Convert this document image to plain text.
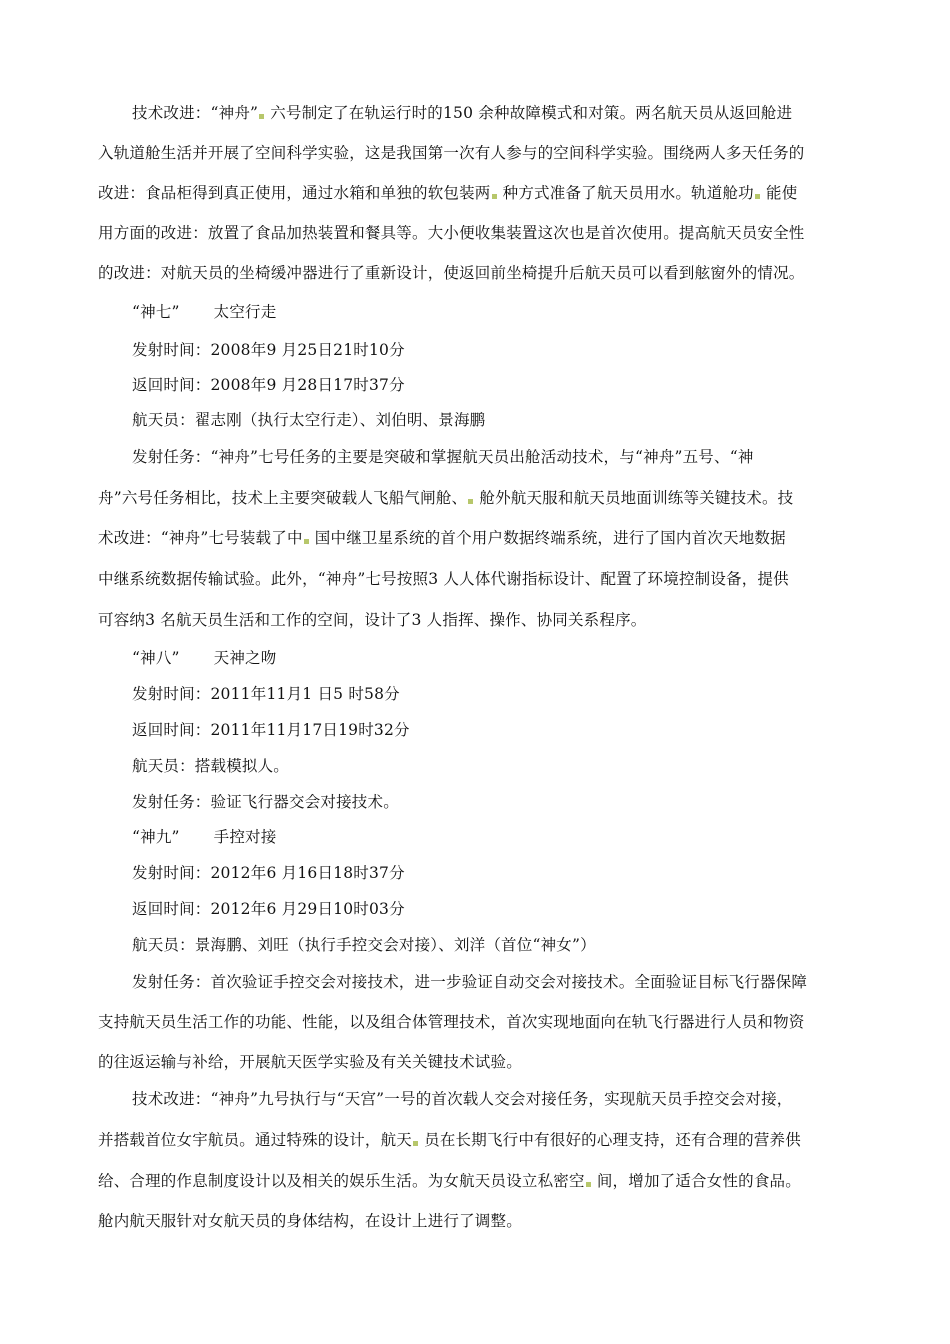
技术改进：“神舟” 六号制定了在轨运行时的150 余种故障模式和对策。两名航天员从返回舱进
入轨道舱生活并开展了空间科学实验，这是我国第一次有人参与的空间科学实验。围绕两人多天任务的
改进：食品柜得到真正使用，通过水箱和单独的软包装两 种方式准备了航天员用水。轨道舱功 能使
用方面的改进：放置了食品加热装置和餐具等。大小便收集装置这次也是首次使用。提高航天员安全性
的改进：对航天员的坐椅缓冲器进行了重新设计，使返回前坐椅提升后航天员可以看到舷窗外的情况。
“神七” 太空行走
发射时间：2008年9 月25日21时10分
返回时间：2008年9 月28日17时37分
航天员：翟志刚（执行太空行走）、刘伯明、景海鹏
发射任务：“神舟”七号任务的主要是突破和掌握航天员出舱活动技术，与“神舟”五号、“神
舟”六号任务相比，技术上主要突破载人飞船气闸舱、 舱外航天服和航天员地面训练等关键技术。技
术改进：“神舟”七号装载了中 国中继卫星系统的首个用户数据终端系统，进行了国内首次天地数据
中继系统数据传输试验。此外，“神舟”七号按照3 人人体代谢指标设计、配置了环境控制设备，提供
可容纳3 名航天员生活和工作的空间，设计了3 人指挥、操作、协同关系程序。
“神八” 天神之吻
发射时间：2011年11月1 日5 时58分
返回时间：2011年11月17日19时32分
航天员：搭载模拟人。
发射任务：验证飞行器交会对接技术。
“神九” 手控对接
发射时间：2012年6 月16日18时37分
返回时间：2012年6 月29日10时03分
航天员：景海鹏、刘旺（执行手控交会对接）、刘洋（首位“神女”）
发射任务：首次验证手控交会对接技术，进一步验证自动交会对接技术。全面验证目标飞行器保障
支持航天员生活工作的功能、性能，以及组合体管理技术，首次实现地面向在轨飞行器进行人员和物资
的往返运输与补给，开展航天医学实验及有关关键技术试验。
技术改进：“神舟”九号执行与“天宫”一号的首次载人交会对接任务，实现航天员手控交会对接，
并搭载首位女宇航员。通过特殊的设计，航天 员在长期飞行中有很好的心理支持，还有合理的营养供
给、合理的作息制度设计以及相关的娱乐生活。为女航天员设立私密空 间，增加了适合女性的食品。
舱内航天服针对女航天员的身体结构，在设计上进行了调整。
